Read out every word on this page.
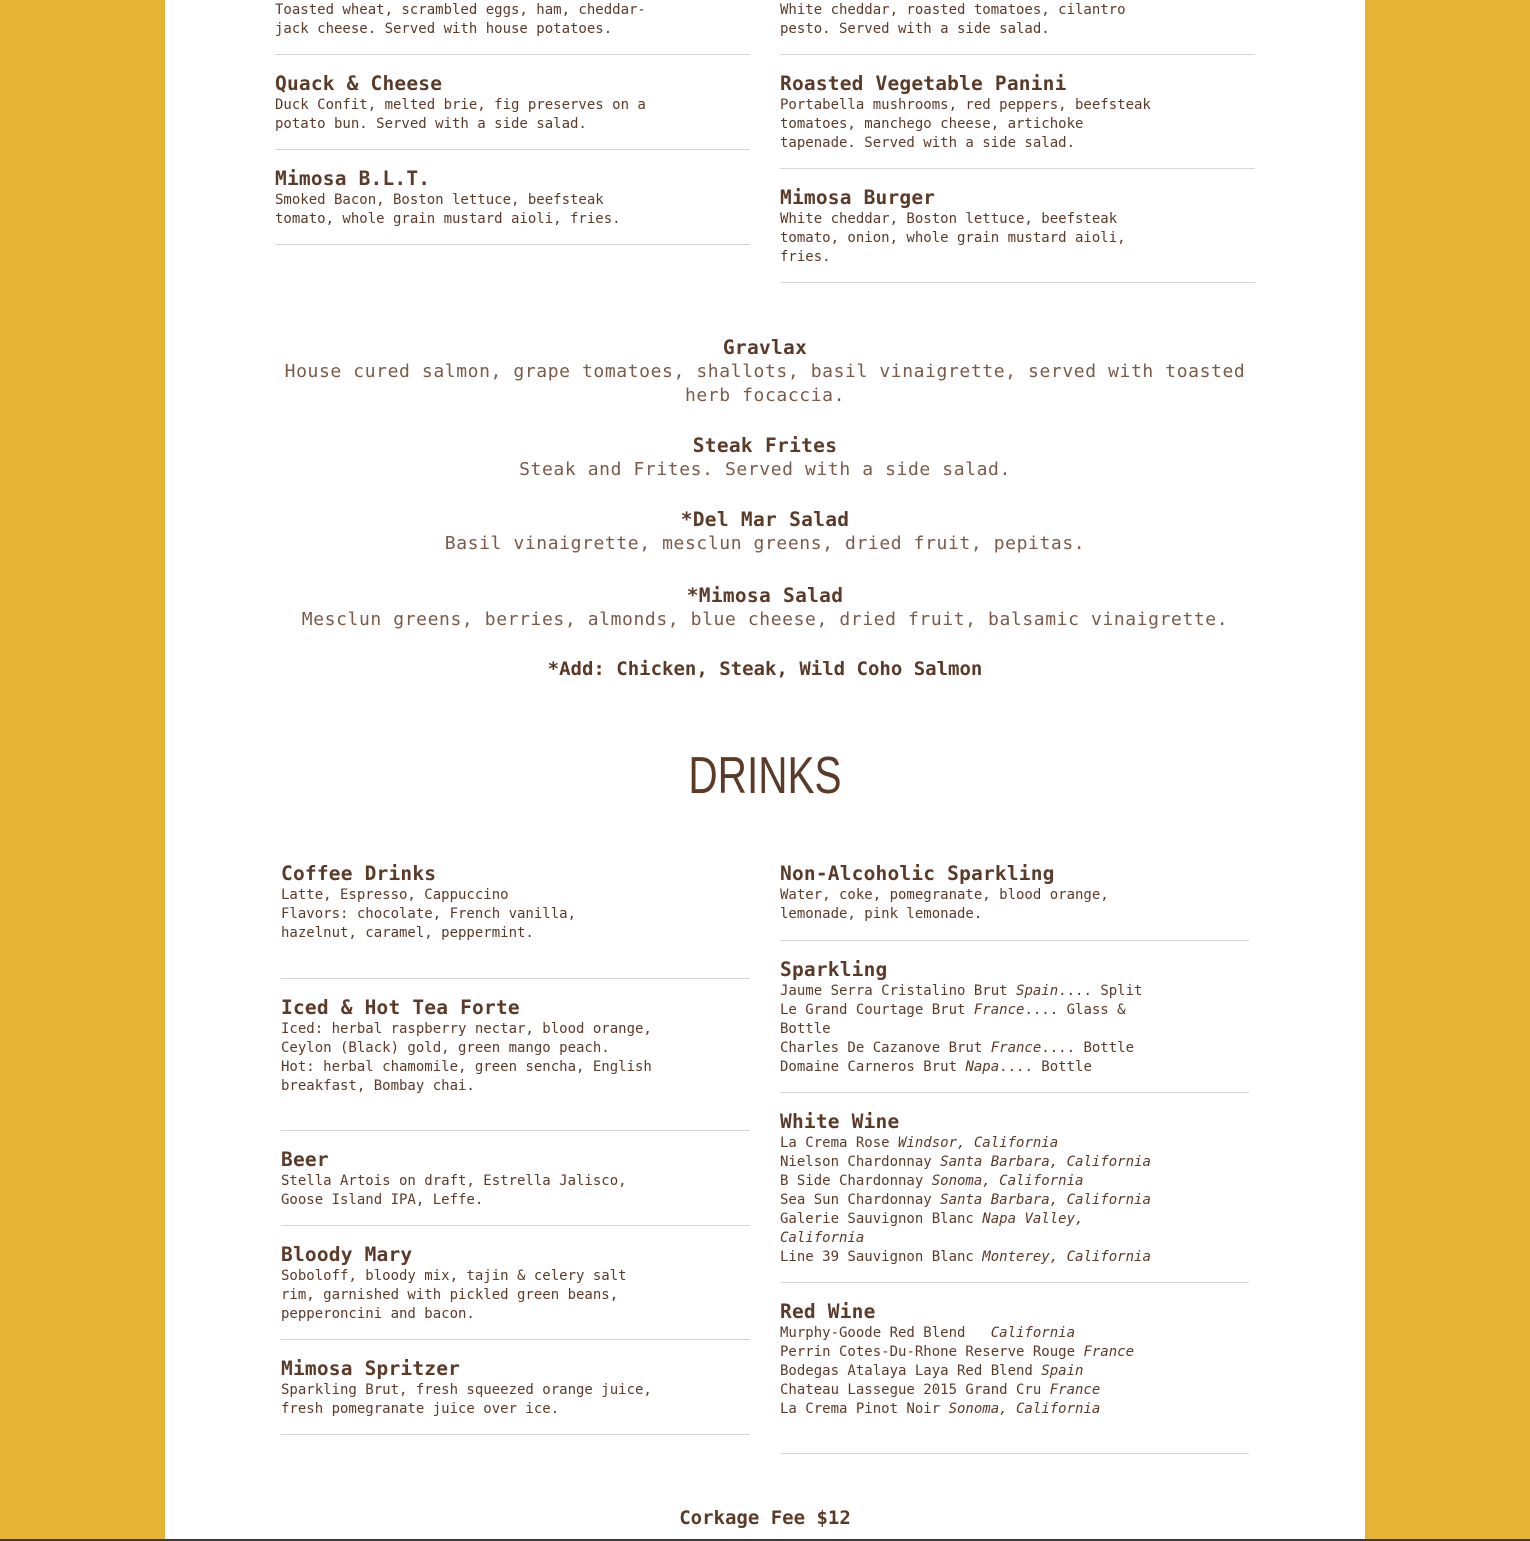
Toasted wheat, scrambled eggs, ham, cheddar-
jack cheese. Served with house potatoes.

Quack & Cheese

Duck Confit, melted brie, fig preserves on a
potato bun. Served with a side salad.

Mimosa B.L.T.

Smoked Bacon, Boston lettuce, beefsteak
tomato, whole grain mustard aioli, fries.

White cheddar, roasted tomatoes, cilantro
pesto. Served with a side salad.

Roasted Vegetable Panini

Portabella mushrooms, red peppers, beefsteak
tomatoes, manchego cheese, artichoke
tapenade. Served with a side salad.

Mimosa Burger

White cheddar, Boston lettuce, beefsteak
tomato, onion, whole grain mustard aioli,
fries.

Gravlax

House cured salmon, grape tomatoes, shallots, basil vinaigrette, served with toasted herb focaccia.

Steak Frites

Steak and Frites. Served with a side salad.

*Del Mar Salad

Basil vinaigrette, mesclun greens, dried fruit, pepitas.

*Mimosa Salad

Mesclun greens, berries, almonds, blue cheese, dried fruit, balsamic vinaigrette.

*Add: Chicken, Steak, Wild Coho Salmon
DRINKS
Coffee Drinks

Latte, Espresso, Cappuccino
Flavors: chocolate, French vanilla,
hazelnut, caramel, peppermint.

Iced & Hot Tea Forte

Iced: herbal raspberry nectar, blood orange,
Ceylon (Black) gold, green mango peach.
Hot: herbal chamomile, green sencha, English
breakfast, Bombay chai.

Beer

Stella Artois on draft, Estrella Jalisco,
Goose Island IPA, Leffe.

Bloody Mary

Soboloff, bloody mix, tajin & celery salt
rim, garnished with pickled green beans,
pepperoncini and bacon.

Mimosa Spritzer

Sparkling Brut, fresh squeezed orange juice,
fresh pomegranate juice over ice.

Non-Alcoholic Sparkling

Water, coke, pomegranate, blood orange,
lemonade, pink lemonade.

Sparkling
Jaume Serra Cristalino Brut Spain.... Split
Le Grand Courtage Brut France.... Glass &
Bottle
Charles De Cazanove Brut France.... Bottle
Domaine Carneros Brut Napa.... Bottle
White Wine
La Crema Rose Windsor, California
Nielson Chardonnay Santa Barbara, California
B Side Chardonnay Sonoma, California
Sea Sun Chardonnay Santa Barbara, California
Galerie Sauvignon Blanc Napa Valley,
California
Line 39 Sauvignon Blanc Monterey, California
Red Wine
Murphy-Goode Red Blend   California
Perrin Cotes-Du-Rhone Reserve Rouge France
Bodegas Atalaya Laya Red Blend Spain
Chateau Lassegue 2015 Grand Cru France
La Crema Pinot Noir Sonoma, California
Corkage Fee $12
